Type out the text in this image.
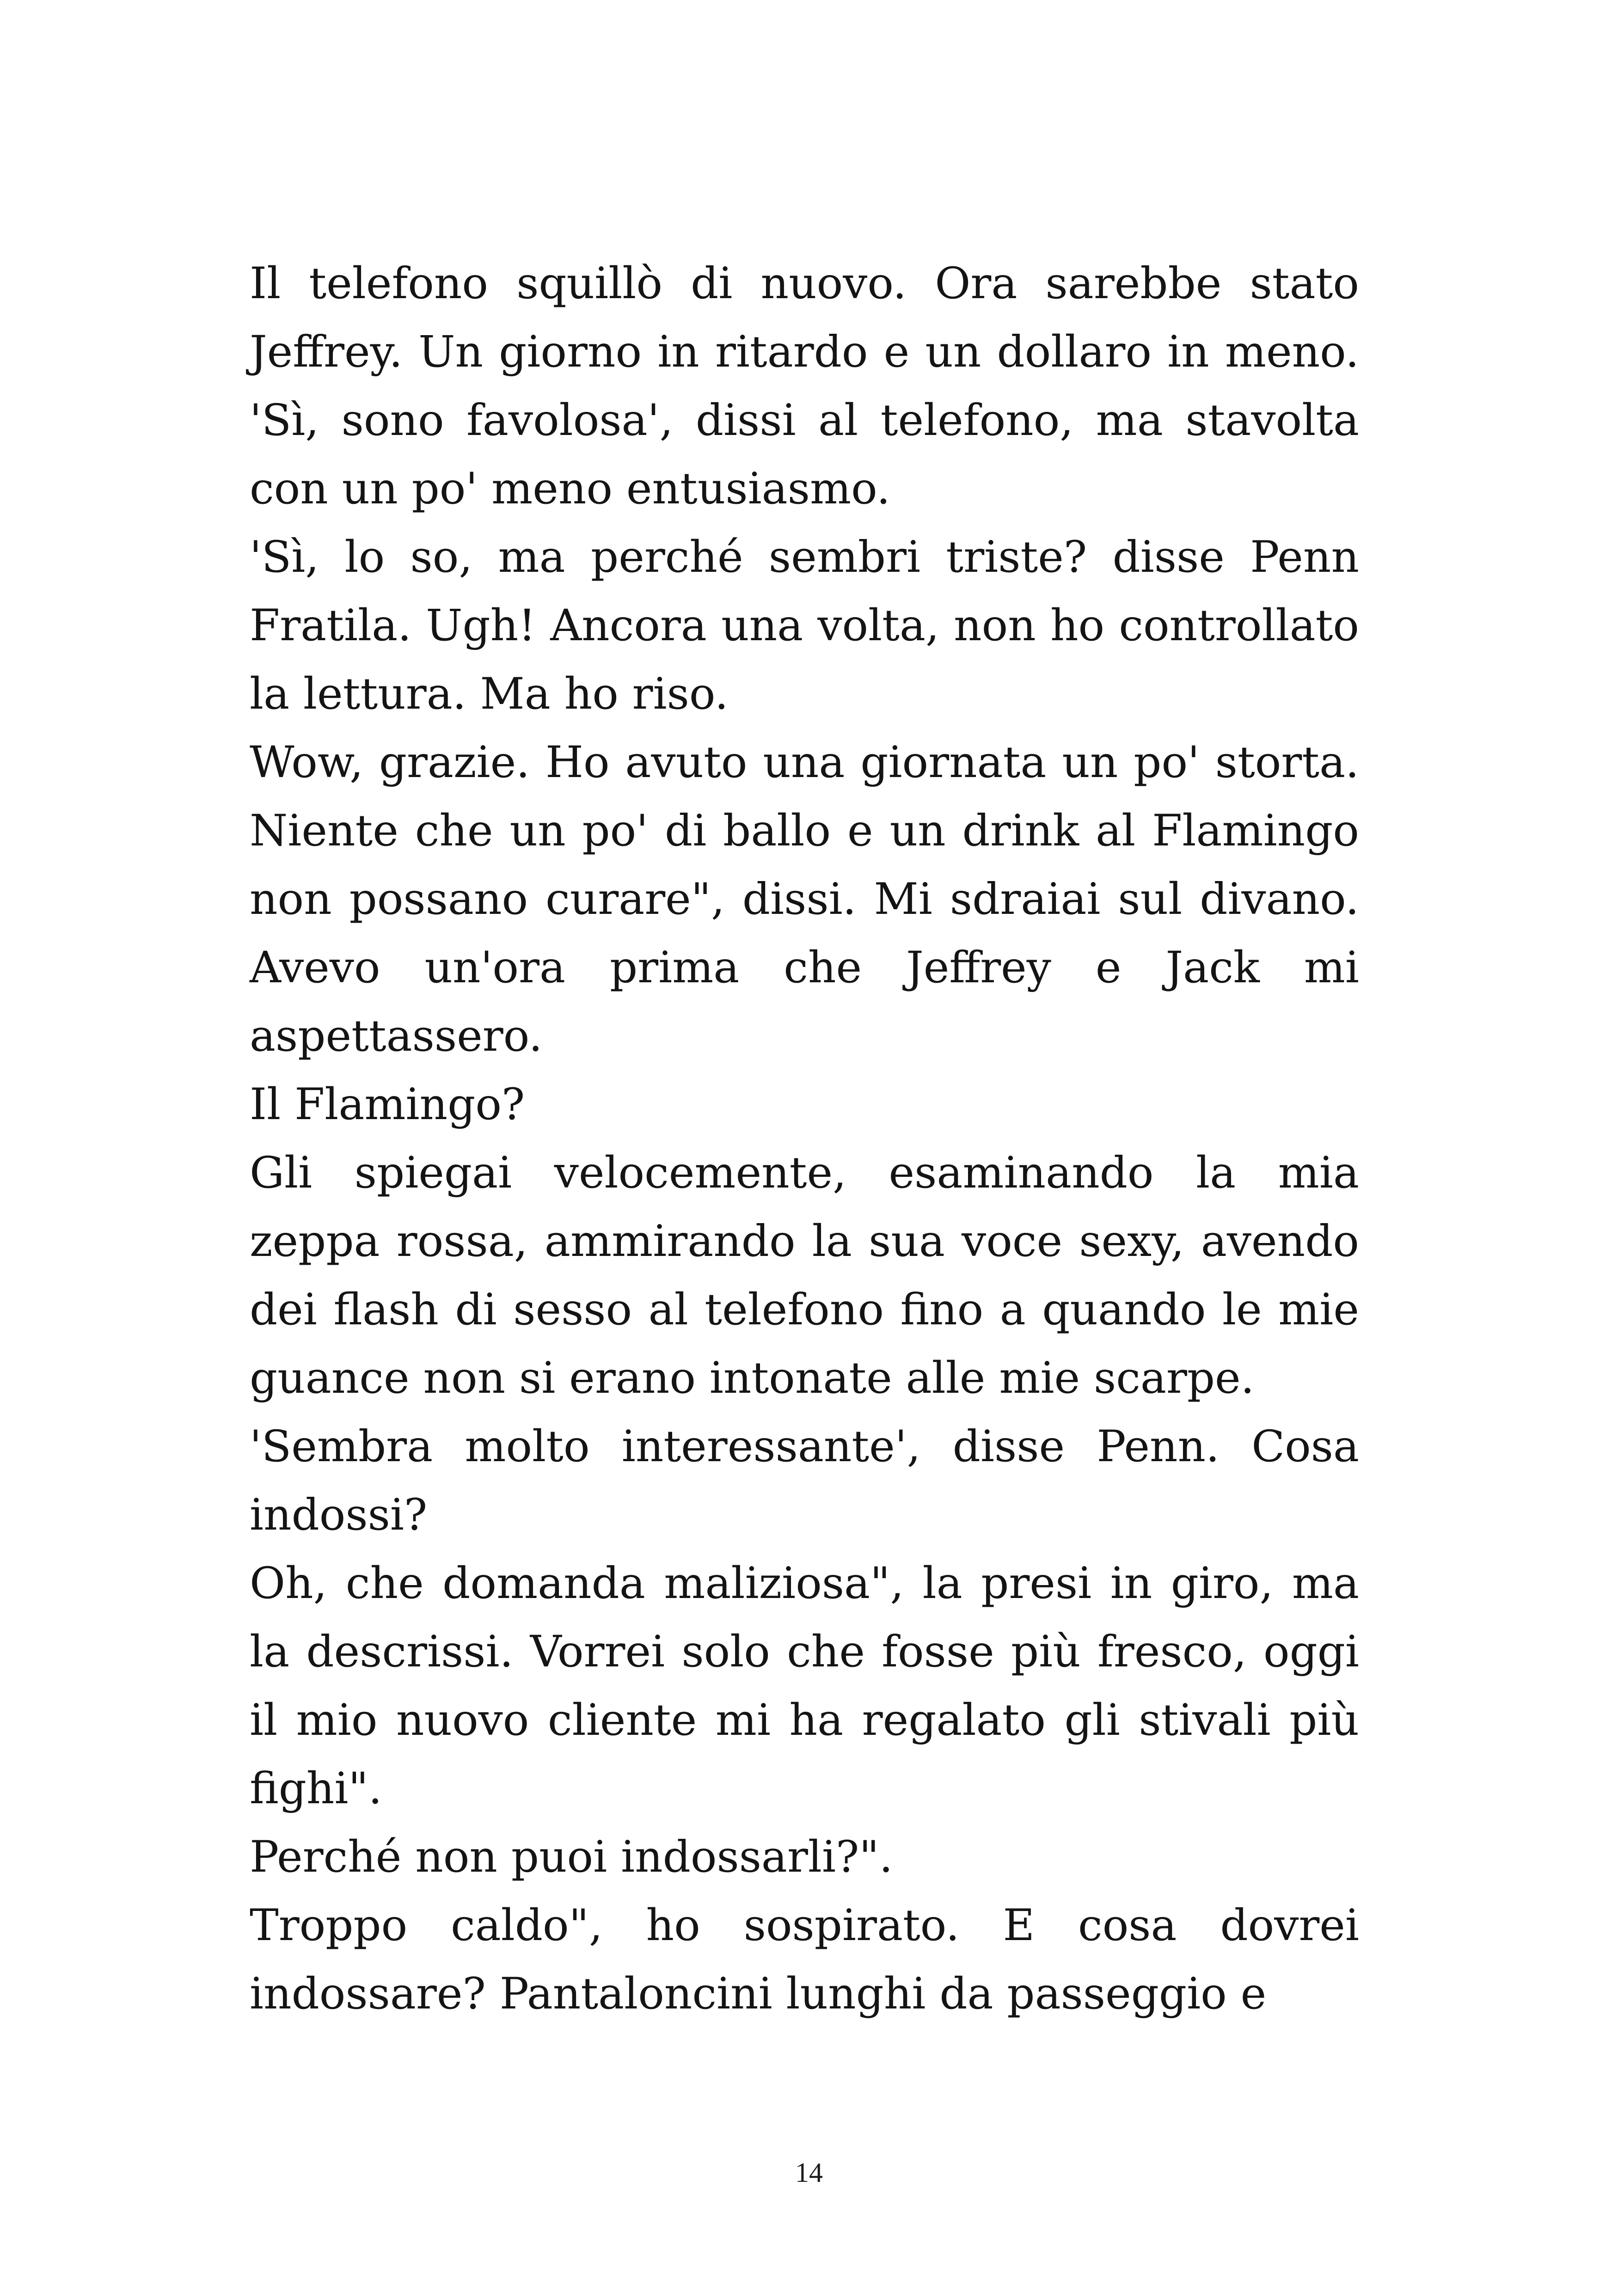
Il telefono squillò di nuovo. Ora sarebbe stato Jeffrey. Un giorno in ritardo e un dollaro in meno. 'Sì, sono favolosa', dissi al telefono, ma stavolta con un po' meno entusiasmo.

'Sì, lo so, ma perché sembri triste? disse Penn Fratila. Ugh! Ancora una volta, non ho controllato la lettura. Ma ho riso.

Wow, grazie. Ho avuto una giornata un po' storta. Niente che un po' di ballo e un drink al Flamingo non possano curare", dissi. Mi sdraiai sul divano. Avevo un'ora prima che Jeffrey e Jack mi aspettassero.

Il Flamingo?

Gli spiegai velocemente, esaminando la mia zeppa rossa, ammirando la sua voce sexy, avendo dei flash di sesso al telefono fino a quando le mie guance non si erano intonate alle mie scarpe.

'Sembra molto interessante', disse Penn. Cosa indossi?

Oh, che domanda maliziosa", la presi in giro, ma la descrissi. Vorrei solo che fosse più fresco, oggi il mio nuovo cliente mi ha regalato gli stivali più fighi".

Perché non puoi indossarli?".

Troppo caldo", ho sospirato. E cosa dovrei indossare? Pantaloncini lunghi da passeggio e

14
